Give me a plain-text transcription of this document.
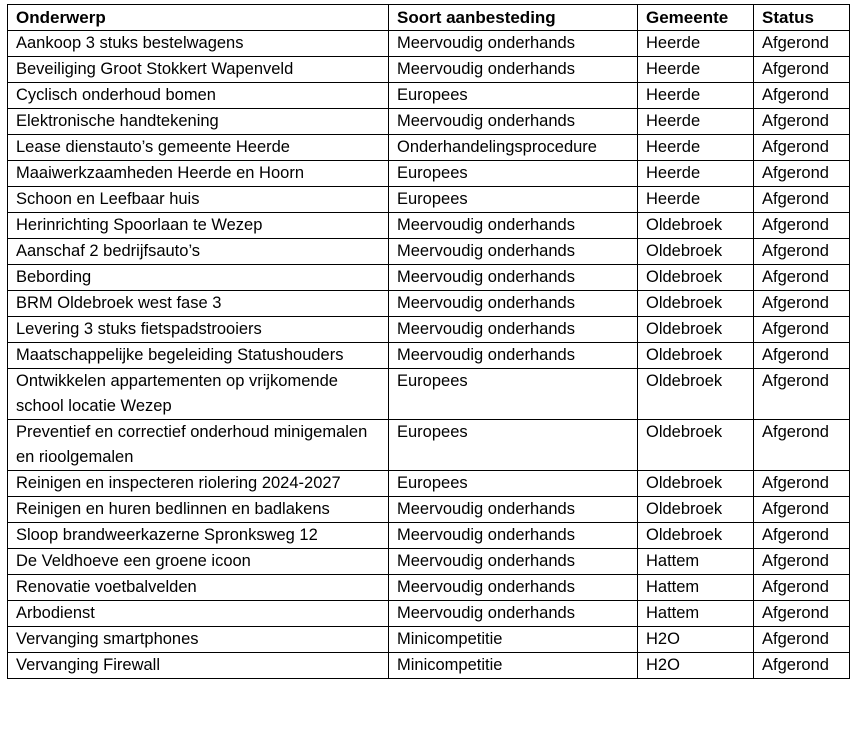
Onderwerp	Soort aanbesteding	Gemeente	Status
Aankoop 3 stuks bestelwagens	Meervoudig onderhands	Heerde	Afgerond
Beveiliging Groot Stokkert Wapenveld	Meervoudig onderhands	Heerde	Afgerond
Cyclisch onderhoud bomen	Europees	Heerde	Afgerond
Elektronische handtekening	Meervoudig onderhands	Heerde	Afgerond
Lease dienstauto’s gemeente Heerde	Onderhandelingsprocedure	Heerde	Afgerond
Maaiwerkzaamheden Heerde en Hoorn	Europees	Heerde	Afgerond
Schoon en Leefbaar huis	Europees	Heerde	Afgerond
Herinrichting Spoorlaan te Wezep	Meervoudig onderhands	Oldebroek	Afgerond
Aanschaf 2 bedrijfsauto’s	Meervoudig onderhands	Oldebroek	Afgerond
Bebording	Meervoudig onderhands	Oldebroek	Afgerond
BRM Oldebroek west fase 3	Meervoudig onderhands	Oldebroek	Afgerond
Levering 3 stuks fietspadstrooiers	Meervoudig onderhands	Oldebroek	Afgerond
Maatschappelijke begeleiding Statushouders	Meervoudig onderhands	Oldebroek	Afgerond
Ontwikkelen appartementen op vrijkomende school locatie Wezep	Europees	Oldebroek	Afgerond
Preventief en correctief onderhoud minigemalen en rioolgemalen	Europees	Oldebroek	Afgerond
Reinigen en inspecteren riolering 2024-2027	Europees	Oldebroek	Afgerond
Reinigen en huren bedlinnen en badlakens	Meervoudig onderhands	Oldebroek	Afgerond
Sloop brandweerkazerne Spronksweg 12	Meervoudig onderhands	Oldebroek	Afgerond
De Veldhoeve een groene icoon	Meervoudig onderhands	Hattem	Afgerond
Renovatie voetbalvelden	Meervoudig onderhands	Hattem	Afgerond
Arbodienst	Meervoudig onderhands	Hattem	Afgerond
Vervanging smartphones	Minicompetitie	H2O	Afgerond
Vervanging Firewall	Minicompetitie	H2O	Afgerond
